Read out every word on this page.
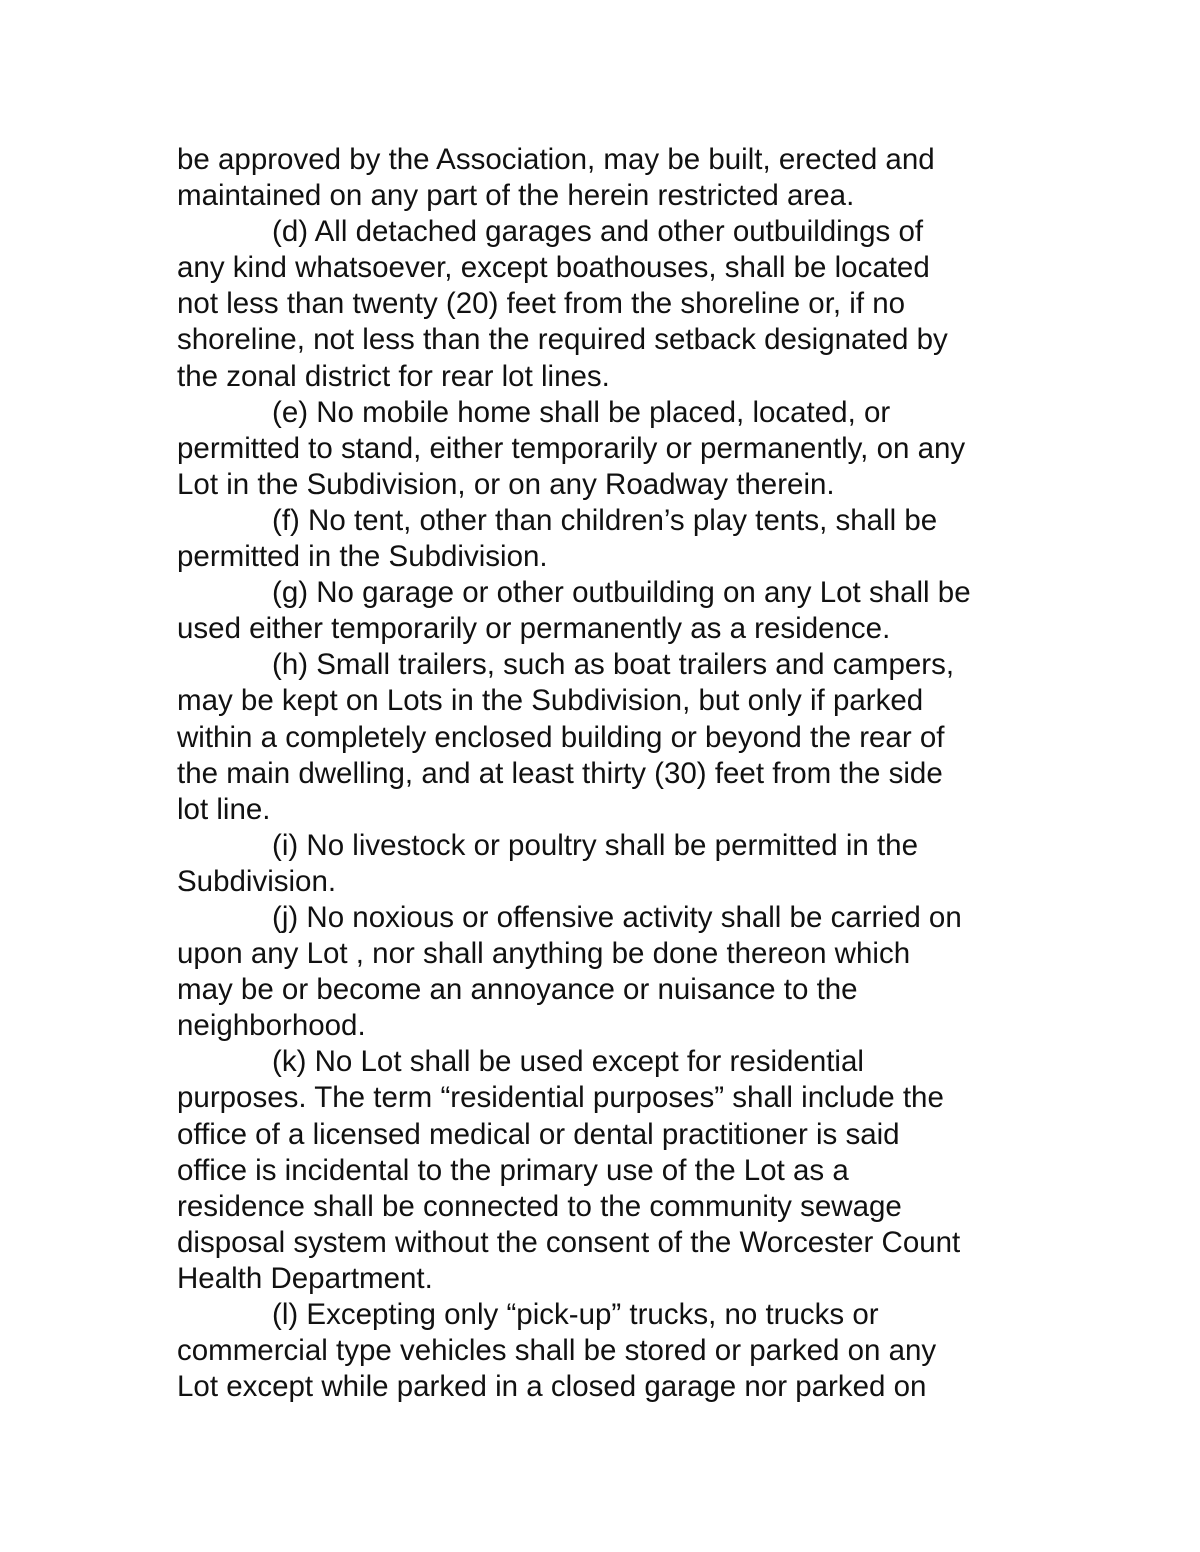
be approved by the Association, may be built, erected and
maintained on any part of the herein restricted area.
(d) All detached garages and other outbuildings of
any kind whatsoever, except boathouses, shall be located
not less than twenty (20) feet from the shoreline or, if no
shoreline, not less than the required setback designated by
the zonal district for rear lot lines.
(e) No mobile home shall be placed, located, or
permitted to stand, either temporarily or permanently, on any
Lot in the Subdivision, or on any Roadway therein.
(f) No tent, other than children’s play tents, shall be
permitted in the Subdivision.
(g) No garage or other outbuilding on any Lot shall be
used either temporarily or permanently as a residence.
(h) Small trailers, such as boat trailers and campers,
may be kept on Lots in the Subdivision, but only if parked
within a completely enclosed building or beyond the rear of
the main dwelling, and at least thirty (30) feet from the side
lot line.
(i) No livestock or poultry shall be permitted in the
Subdivision.
(j) No noxious or offensive activity shall be carried on
upon any Lot , nor shall anything be done thereon which
may be or become an annoyance or nuisance to the
neighborhood.
(k) No Lot shall be used except for residential
purposes. The term “residential purposes” shall include the
office of a licensed medical or dental practitioner is said
office is incidental to the primary use of the Lot as a
residence shall be connected to the community sewage
disposal system without the consent of the Worcester Count
Health Department.
(l) Excepting only “pick-up” trucks, no trucks or
commercial type vehicles shall be stored or parked on any
Lot except while parked in a closed garage nor parked on
